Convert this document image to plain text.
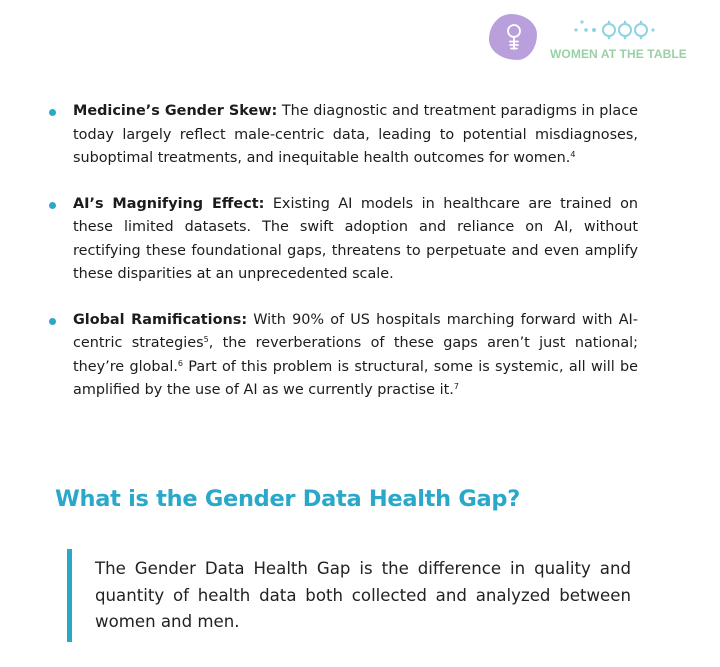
WOMEN AT THE TABLE
Medicine’s Gender Skew: The diagnostic and treatment paradigms in place today largely reflect male-centric data, leading to potential misdiagnoses, suboptimal treatments, and inequitable health outcomes for women.$^4$
AI’s Magnifying Effect: Existing AI models in healthcare are trained on these limited datasets. The swift adoption and reliance on AI, without rectifying these foundational gaps, threatens to perpetuate and even amplify these disparities at an unprecedented scale.
Global Ramifications: With 90% of US hospitals marching forward with AI-centric strategies$^5$, the reverberations of these gaps aren’t just national; they’re global.$^6$ Part of this problem is structural, some is systemic, all will be amplified by the use of AI as we currently practise it.$^7$
What is the Gender Data Health Gap?

The Gender Data Health Gap is the difference in quality and quantity of health data both collected and analyzed between women and men.
